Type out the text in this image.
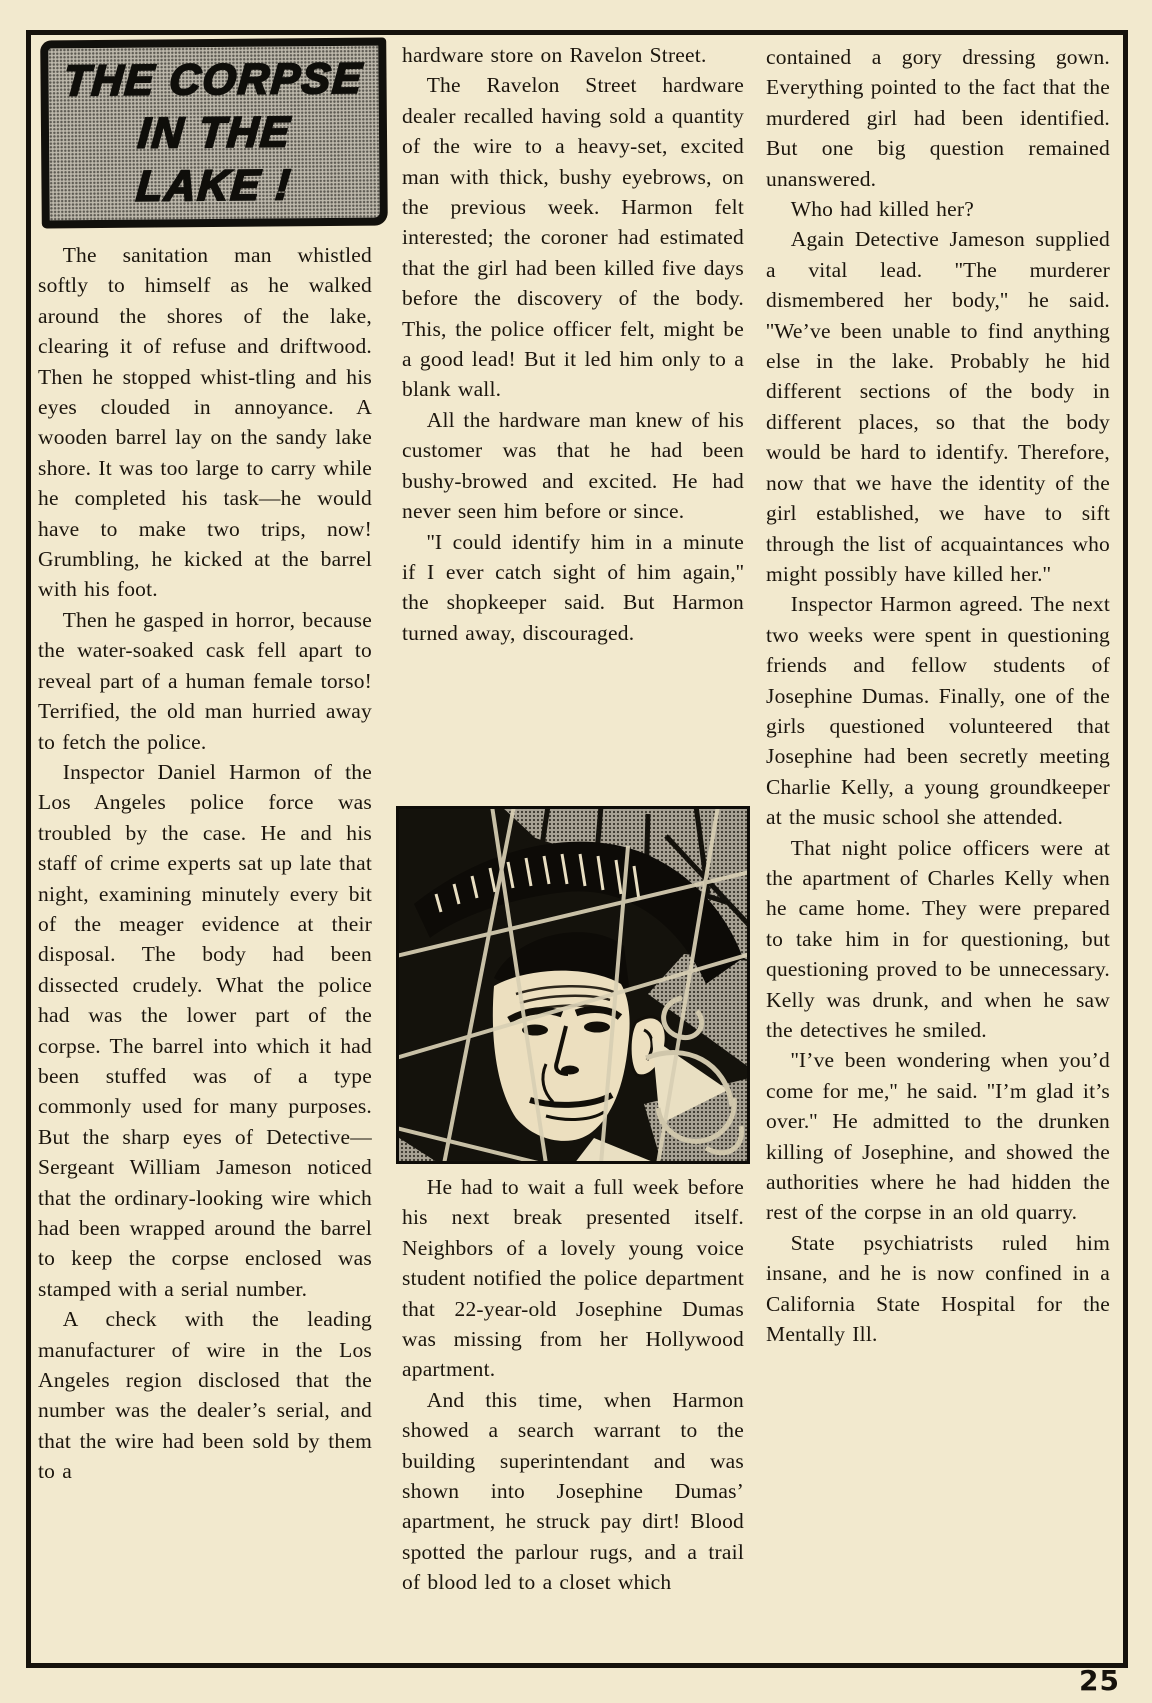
THE CORPSE
IN THE
LAKE !

The sanitation man whistled softly to himself as he walked around the shores of the lake, clearing it of refuse and driftwood. Then he stopped whist-tling and his eyes clouded in annoyance. A wooden barrel lay on the sandy lake shore. It was too large to carry while he completed his task—he would have to make two trips, now! Grumbling, he kicked at the barrel with his foot.

Then he gasped in horror, because the water-soaked cask fell apart to reveal part of a human female torso! Terrified, the old man hurried away to fetch the police.

Inspector Daniel Harmon of the Los Angeles police force was troubled by the case. He and his staff of crime experts sat up late that night, examining minutely every bit of the meager evidence at their disposal. The body had been dissected crudely. What the police had was the lower part of the corpse. The barrel into which it had been stuffed was of a type commonly used for many purposes. But the sharp eyes of Detective—Sergeant William Jameson noticed that the ordinary-looking wire which had been wrapped around the barrel to keep the corpse enclosed was stamped with a serial number.

A check with the leading manufacturer of wire in the Los Angeles region disclosed that the number was the dealer’s serial, and that the wire had been sold by them to a

hardware store on Ravelon Street.

The Ravelon Street hardware dealer recalled having sold a quantity of the wire to a heavy-set, excited man with thick, bushy eyebrows, on the previous week. Harmon felt interested; the coroner had estimated that the girl had been killed five days before the discovery of the body. This, the police officer felt, might be a good lead! But it led him only to a blank wall.

All the hardware man knew of his customer was that he had been bushy-browed and excited. He had never seen him before or since.

''I could identify him in a minute if I ever catch sight of him again,'' the shopkeeper said. But Harmon turned away, discouraged.

He had to wait a full week before his next break presented itself. Neighbors of a lovely young voice student notified the police department that 22-year-old Josephine Dumas was missing from her Hollywood apartment.

And this time, when Harmon showed a search warrant to the building superintendant and was shown into Josephine Dumas’ apartment, he struck pay dirt! Blood spotted the parlour rugs, and a trail of blood led to a closet which

contained a gory dressing gown. Everything pointed to the fact that the murdered girl had been identified. But one big question remained unanswered.

Who had killed her?

Again Detective Jameson supplied a vital lead. ''The murderer dismembered her body,'' he said. ''We’ve been unable to find anything else in the lake. Probably he hid different sections of the body in different places, so that the body would be hard to identify. Therefore, now that we have the identity of the girl established, we have to sift through the list of acquaintances who might possibly have killed her.''

Inspector Harmon agreed. The next two weeks were spent in questioning friends and fellow students of Josephine Dumas. Finally, one of the girls questioned volunteered that Josephine had been secretly meeting Charlie Kelly, a young groundkeeper at the music school she attended.

That night police officers were at the apartment of Charles Kelly when he came home. They were prepared to take him in for questioning, but questioning proved to be unnecessary. Kelly was drunk, and when he saw the detectives he smiled.

''I’ve been wondering when you’d come for me,'' he said. ''I’m glad it’s over.'' He admitted to the drunken killing of Josephine, and showed the authorities where he had hidden the rest of the corpse in an old quarry.

State psychiatrists ruled him insane, and he is now confined in a California State Hospital for the Mentally Ill.

25
